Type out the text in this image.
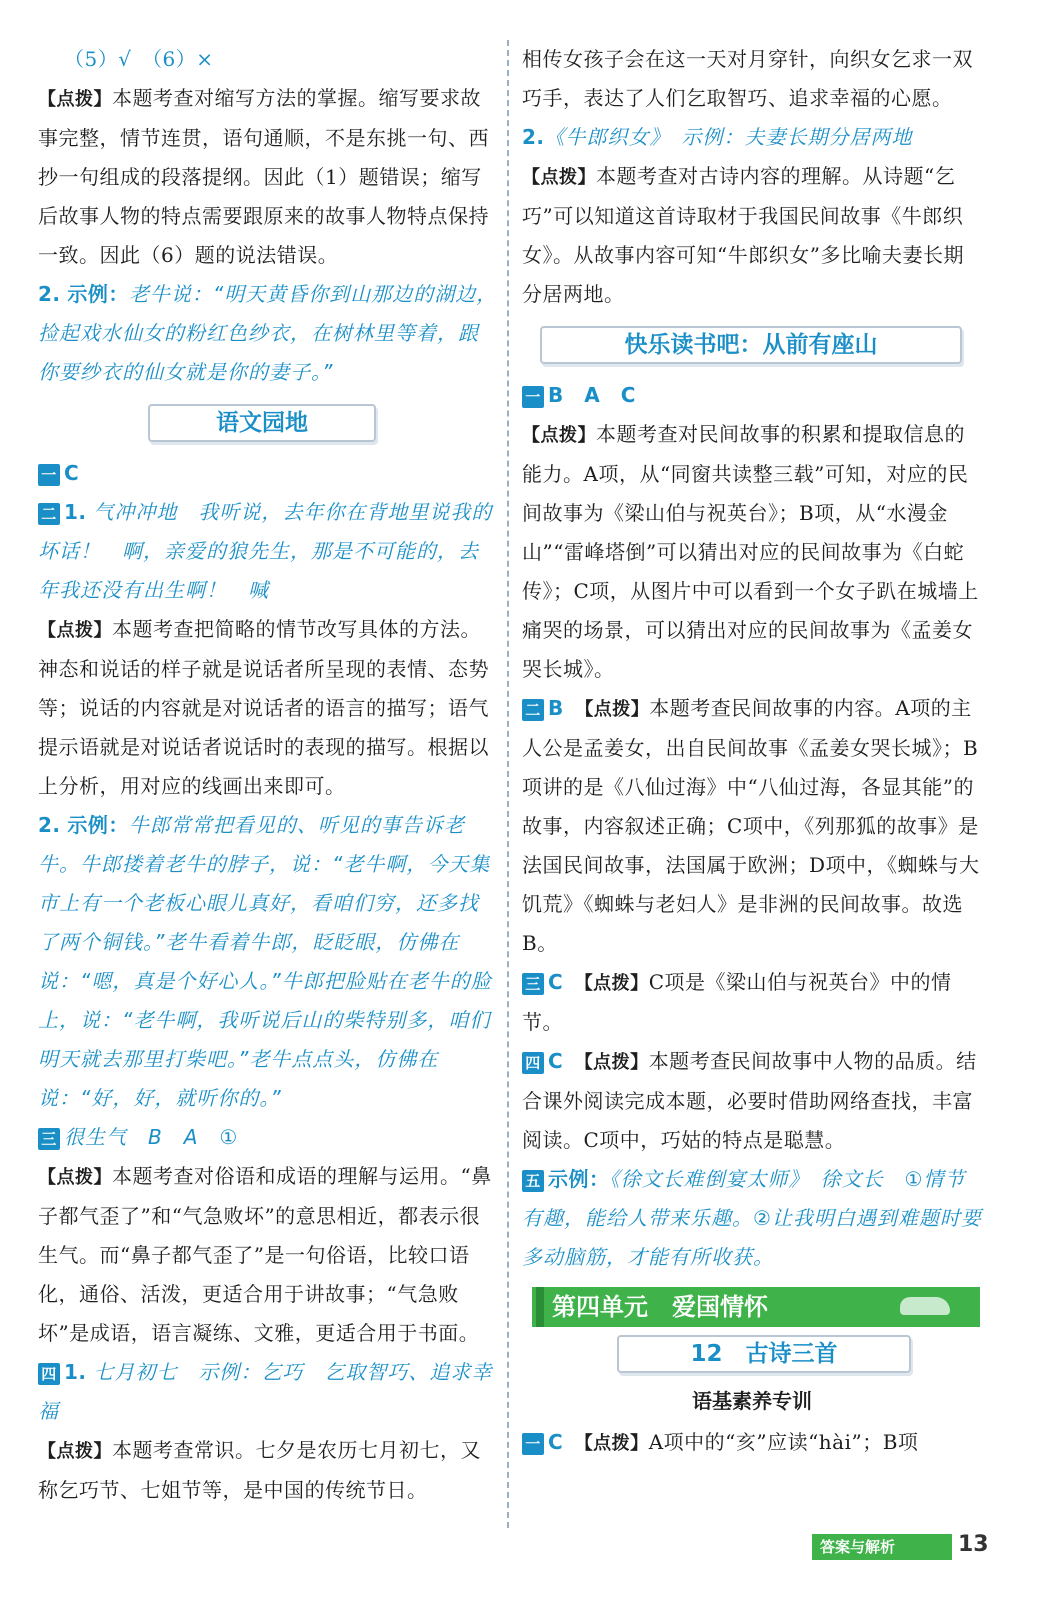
（5）√　（6）×

【点拨】本题考查对缩写方法的掌握。缩写要求故事完整，情节连贯，语句通顺，不是东挑一句、西抄一句组成的段落提纲。因此（1）题错误；缩写后故事人物的特点需要跟原来的故事人物特点保持一致。因此（6）题的说法错误。

2. 示例：老牛说：“明天黄昏你到山那边的湖边，捡起戏水仙女的粉红色纱衣，在树林里等着，跟你要纱衣的仙女就是你的妻子。”

语文园地

一 C

二 1. 气冲冲地　我听说，去年你在背地里说我的坏话！　啊，亲爱的狼先生，那是不可能的，去年我还没有出生啊！　喊

【点拨】本题考查把简略的情节改写具体的方法。神态和说话的样子就是说话者所呈现的表情、态势等；说话的内容就是对说话者的语言的描写；语气提示语就是对说话者说话时的表现的描写。根据以上分析，用对应的线画出来即可。

2. 示例：牛郎常常把看见的、听见的事告诉老牛。牛郎搂着老牛的脖子，说：“老牛啊，今天集市上有一个老板心眼儿真好，看咱们穷，还多找了两个铜钱。”老牛看着牛郎，眨眨眼，仿佛在说：“嗯，真是个好心人。”牛郎把脸贴在老牛的脸上，说：“老牛啊，我听说后山的柴特别多，咱们明天就去那里打柴吧。”老牛点点头，仿佛在说：“好，好，就听你的。”

三 很生气　B　A　①

【点拨】本题考查对俗语和成语的理解与运用。“鼻子都气歪了”和“气急败坏”的意思相近，都表示很生气。而“鼻子都气歪了”是一句俗语，比较口语化，通俗、活泼，更适合用于讲故事；“气急败坏”是成语，语言凝练、文雅，更适合用于书面。

四 1. 七月初七　示例：乞巧　乞取智巧、追求幸福

【点拨】本题考查常识。七夕是农历七月初七，又称乞巧节、七姐节等，是中国的传统节日。

相传女孩子会在这一天对月穿针，向织女乞求一双巧手，表达了人们乞取智巧、追求幸福的心愿。

2.《牛郎织女》　示例：夫妻长期分居两地

【点拨】本题考查对古诗内容的理解。从诗题“乞巧”可以知道这首诗取材于我国民间故事《牛郎织女》。从故事内容可知“牛郎织女”多比喻夫妻长期分居两地。

快乐读书吧：从前有座山

一 B　A　C

【点拨】本题考查对民间故事的积累和提取信息的能力。A项，从“同窗共读整三载”可知，对应的民间故事为《梁山伯与祝英台》；B项，从“水漫金山”“雷峰塔倒”可以猜出对应的民间故事为《白蛇传》；C项，从图片中可以看到一个女子趴在城墙上痛哭的场景，可以猜出对应的民间故事为《孟姜女哭长城》。

二 B　 【点拨】本题考查民间故事的内容。A项的主人公是孟姜女，出自民间故事《孟姜女哭长城》；B项讲的是《八仙过海》中“八仙过海，各显其能”的故事，内容叙述正确；C项中，《列那狐的故事》是法国民间故事，法国属于欧洲；D项中，《蜘蛛与大饥荒》《蜘蛛与老妇人》是非洲的民间故事。故选B。

三 C　 【点拨】C项是《梁山伯与祝英台》中的情节。

四 C　 【点拨】本题考查民间故事中人物的品质。结合课外阅读完成本题，必要时借助网络查找，丰富阅读。C项中，巧姑的特点是聪慧。

五 示例：《徐文长难倒宴太师》　徐文长　①情节有趣，能给人带来乐趣。②让我明白遇到难题时要多动脑筋，才能有所收获。

第四单元　爱国情怀
12　古诗三首
语基素养专训

一 C　 【点拨】A项中的“亥”应读“hài”；B项

答案与解析	13
